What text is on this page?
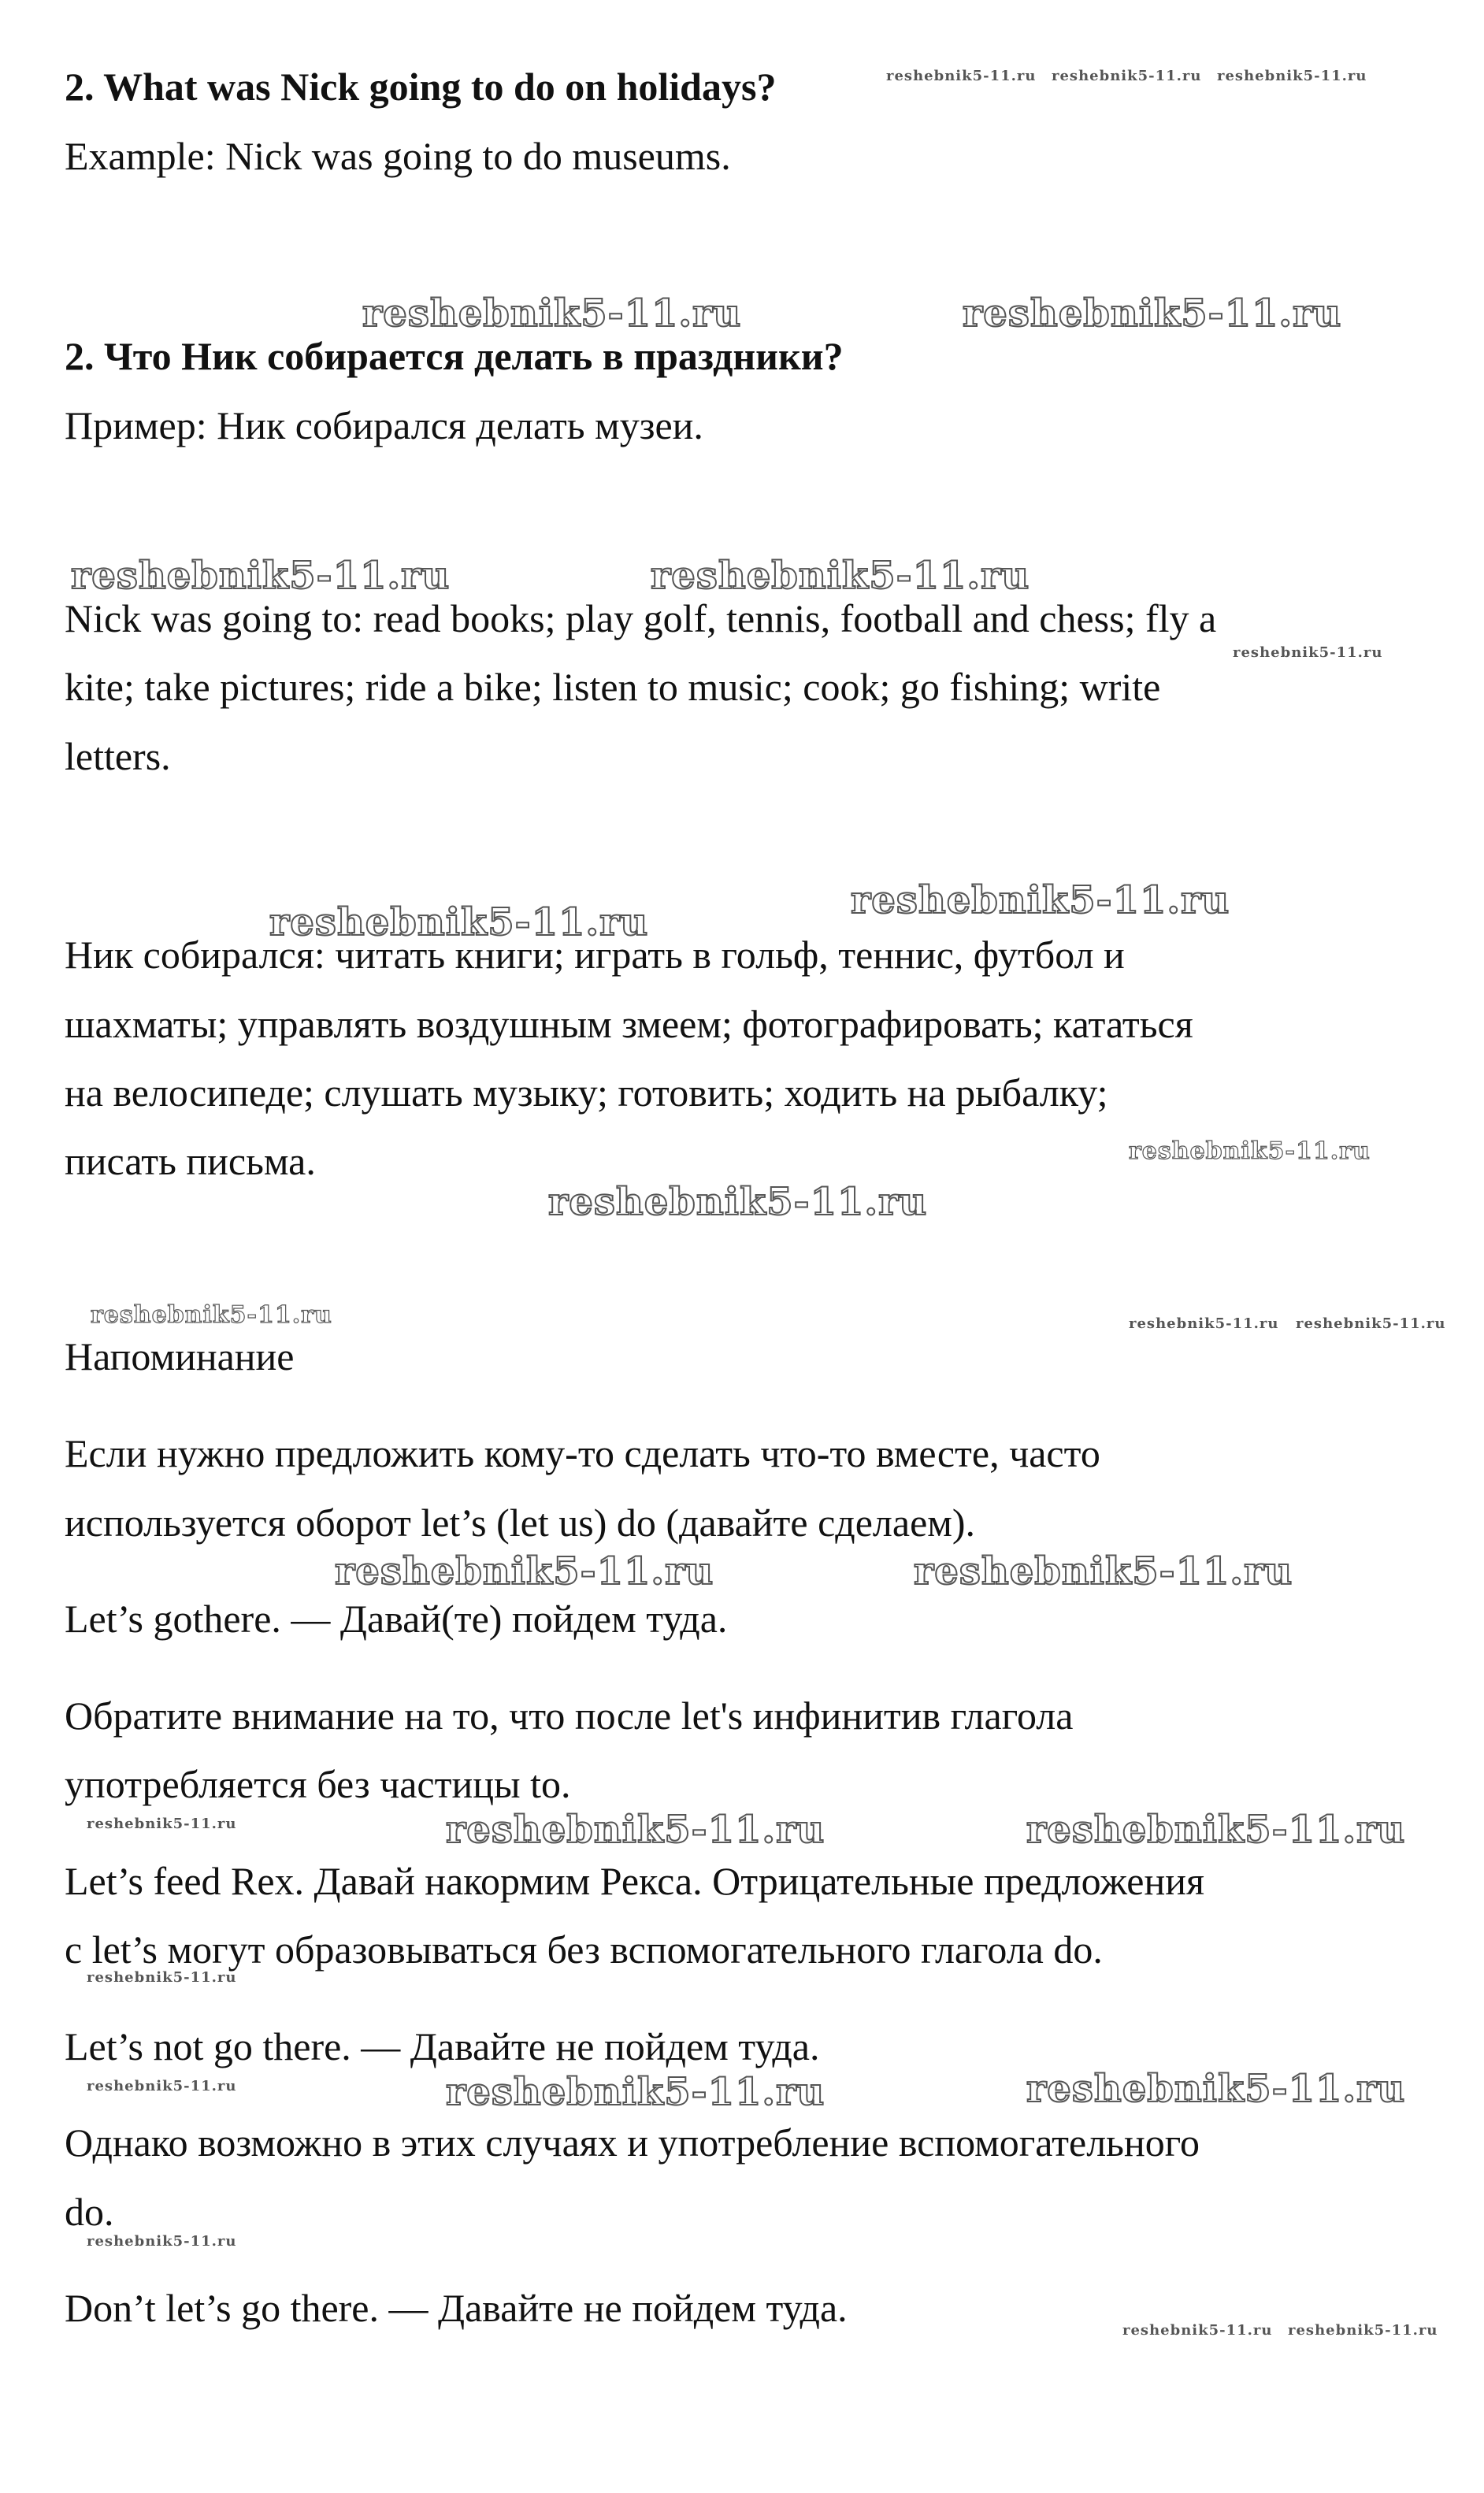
2. What was Nick going to do on holidays?
Example: Nick was going to do museums.
2. Что Ник собирается делать в праздники?
Пример: Ник собирался делать музеи.
Nick was going to: read books; play golf, tennis, football and chess; fly a
kite; take pictures; ride a bike; listen to music; cook; go fishing; write
letters.
Ник собирался: читать книги; играть в гольф, теннис, футбол и
шахматы; управлять воздушным змеем; фотографировать; кататься
на велосипеде; слушать музыку; готовить; ходить на рыбалку;
писать письма.
Напоминание
Если нужно предложить кому-то сделать что-то вместе, часто
используется оборот let’s (let us) do (давайте сделаем).
Let’s gothere. — Давай(те) пойдем туда.
Обратите внимание на то, что после let's инфинитив глагола
употребляется без частицы to.
Let’s feed Rex. Давай накормим Рекса. Отрицательные предложения
с let’s могут образовываться без вспомогательного глагола do.
Let’s not go there. — Давайте не пойдем туда.
Однако возможно в этих случаях и употребление вспомогательного
do.
Don’t let’s go there. — Давайте не пойдем туда.
reshebnik5-11.ru reshebnik5-11.ru reshebnik5-11.ru
reshebnik5-11.ru	reshebnik5-11.ru
reshebnik5-11.ru	reshebnik5-11.ru
reshebnik5-11.ru
reshebnik5-11.ru
reshebnik5-11.ru
reshebnik5-11.ru
reshebnik5-11.ru
reshebnik5-11.ru	reshebnik5-11.ru reshebnik5-11.ru
reshebnik5-11.ru	reshebnik5-11.ru
reshebnik5-11.ru	reshebnik5-11.ru	reshebnik5-11.ru
reshebnik5-11.ru
reshebnik5-11.ru	reshebnik5-11.ru	reshebnik5-11.ru
reshebnik5-11.ru
reshebnik5-11.ru reshebnik5-11.ru
